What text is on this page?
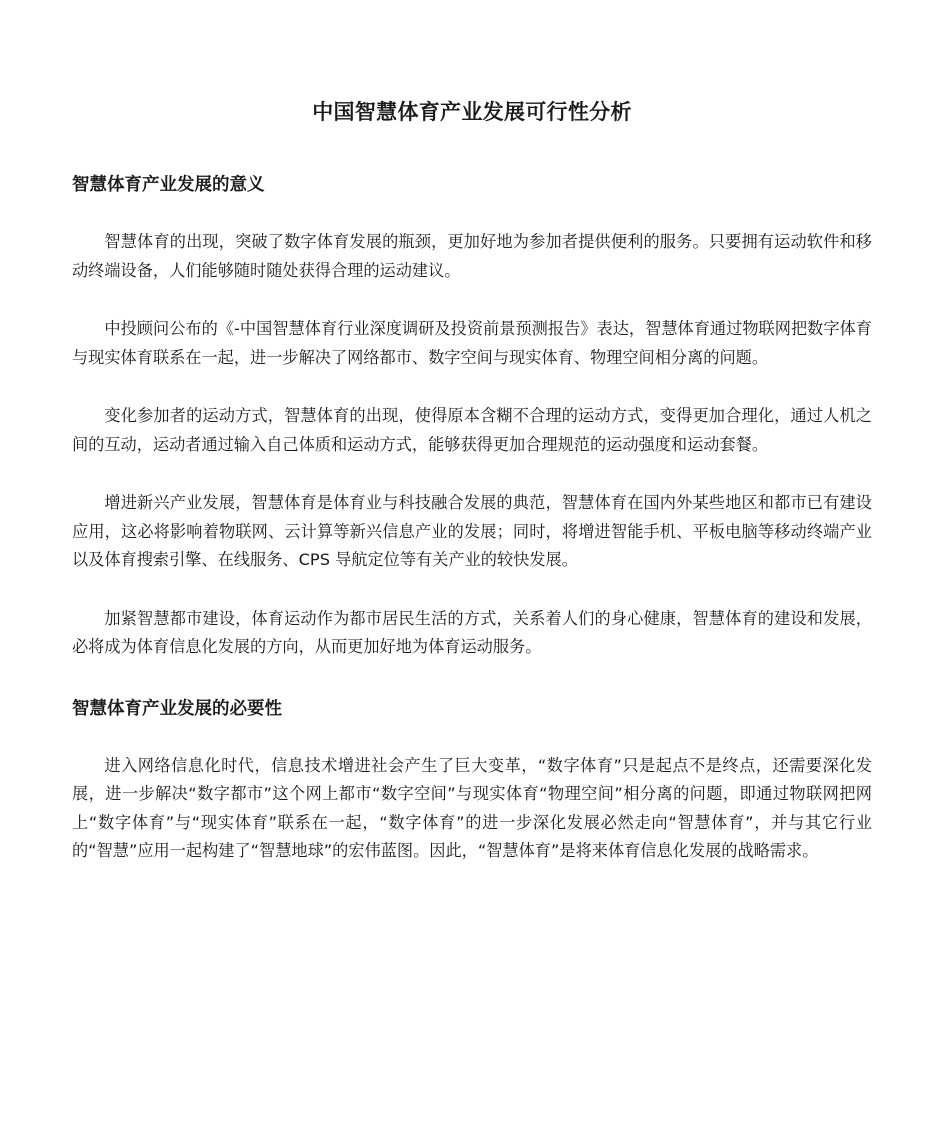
中国智慧体育产业发展可行性分析
智慧体育产业发展的意义

智慧体育的出现，突破了数字体育发展的瓶颈，更加好地为参加者提供便利的服务。只要拥有运动软件和移动终端设备，人们能够随时随处获得合理的运动建议。

中投顾问公布的《-中国智慧体育行业深度调研及投资前景预测报告》表达，智慧体育通过物联网把数字体育与现实体育联系在一起，进一步解决了网络都市、数字空间与现实体育、物理空间相分离的问题。

变化参加者的运动方式，智慧体育的出现，使得原本含糊不合理的运动方式，变得更加合理化，通过人机之间的互动，运动者通过输入自己体质和运动方式，能够获得更加合理规范的运动强度和运动套餐。

增进新兴产业发展，智慧体育是体育业与科技融合发展的典范，智慧体育在国内外某些地区和都市已有建设应用，这必将影响着物联网、云计算等新兴信息产业的发展；同时，将增进智能手机、平板电脑等移动终端产业以及体育搜索引擎、在线服务、CPS 导航定位等有关产业的较快发展。

加紧智慧都市建设，体育运动作为都市居民生活的方式，关系着人们的身心健康，智慧体育的建设和发展，必将成为体育信息化发展的方向，从而更加好地为体育运动服务。

智慧体育产业发展的必要性

进入网络信息化时代，信息技术增进社会产生了巨大变革，“数字体育”只是起点不是终点，还需要深化发展，进一步解决“数字都市”这个网上都市“数字空间”与现实体育“物理空间”相分离的问题，即通过物联网把网上“数字体育”与“现实体育”联系在一起，“数字体育”的进一步深化发展必然走向“智慧体育”，并与其它行业的“智慧”应用一起构建了“智慧地球”的宏伟蓝图。因此，“智慧体育”是将来体育信息化发展的战略需求。
